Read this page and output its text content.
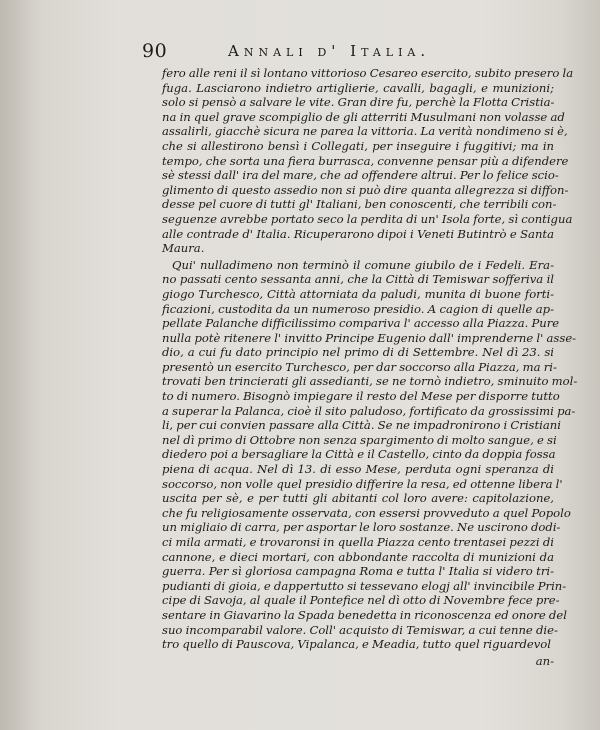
90	Annali d' Italia.
fero alle reni il sì lontano vittorioso Cesareo esercito, subito presero la
fuga. Lasciarono indietro artiglierie, cavalli, bagagli, e munizioni;
solo si pensò a salvare le vite. Gran dire fu, perchè la Flotta Cristia-
na in quel grave scompiglio de gli atterriti Musulmani non volasse ad
assalirli, giacchè sicura ne parea la vittoria. La verità nondimeno si è,
che si allestirono bensì i Collegati, per inseguire i fuggitivi; ma in
tempo, che sorta una fiera burrasca, convenne pensar più a difendere
sè stessi dall' ira del mare, che ad offendere altrui. Per lo felice scio-
glimento di questo assedio non si può dire quanta allegrezza si diffon-
desse pel cuore di tutti gl' Italiani, ben conoscenti, che terribili con-
seguenze avrebbe portato seco la perdita di un' Isola forte, sì contigua
alle contrade d' Italia. Ricuperarono dipoi i Veneti Butintrò e Santa
Maura.
Qui' nulladimeno non terminò il comune giubilo de i Fedeli. Era-
no passati cento sessanta anni, che la Città di Temiswar sofferiva il
giogo Turchesco, Città attorniata da paludi, munita di buone forti-
ficazioni, custodita da un numeroso presidio. A cagion di quelle ap-
pellate Palanche difficilissimo compariva l' accesso alla Piazza. Pure
nulla potè ritenere l' invitto Principe Eugenio dall' imprenderne l' asse-
dio, a cui fu dato principio nel primo di di Settembre. Nel dì 23. si
presentò un esercito Turchesco, per dar soccorso alla Piazza, ma ri-
trovati ben trincierati gli assedianti, se ne tornò indietro, sminuito mol-
to di numero. Bisognò impiegare il resto del Mese per disporre tutto
a superar la Palanca, cioè il sito paludoso, fortificato da grossissimi pa-
li, per cui convien passare alla Città. Se ne impadronirono i Cristiani
nel dì primo di Ottobre non senza spargimento di molto sangue, e si
diedero poi a bersagliare la Città e il Castello, cinto da doppia fossa
piena di acqua. Nel dì 13. di esso Mese, perduta ogni speranza di
soccorso, non volle quel presidio differire la resa, ed ottenne libera l'
uscita per sè, e per tutti gli abitanti col loro avere: capitolazione,
che fu religiosamente osservata, con essersi provveduto a quel Popolo
un migliaio di carra, per asportar le loro sostanze. Ne uscirono dodi-
ci mila armati, e trovaronsi in quella Piazza cento trentasei pezzi di
cannone, e dieci mortari, con abbondante raccolta di munizioni da
guerra. Per sì gloriosa campagna Roma e tutta l' Italia si videro tri-
pudianti di gioia, e dappertutto si tessevano elogj all' invincibile Prin-
cipe di Savoja, al quale il Pontefice nel dì otto di Novembre fece pre-
sentare in Giavarino la Spada benedetta in riconoscenza ed onore del
suo incomparabil valore. Coll' acquisto di Temiswar, a cui tenne die-
tro quello di Pauscova, Vipalanca, e Meadia, tutto quel riguardevol
an-
